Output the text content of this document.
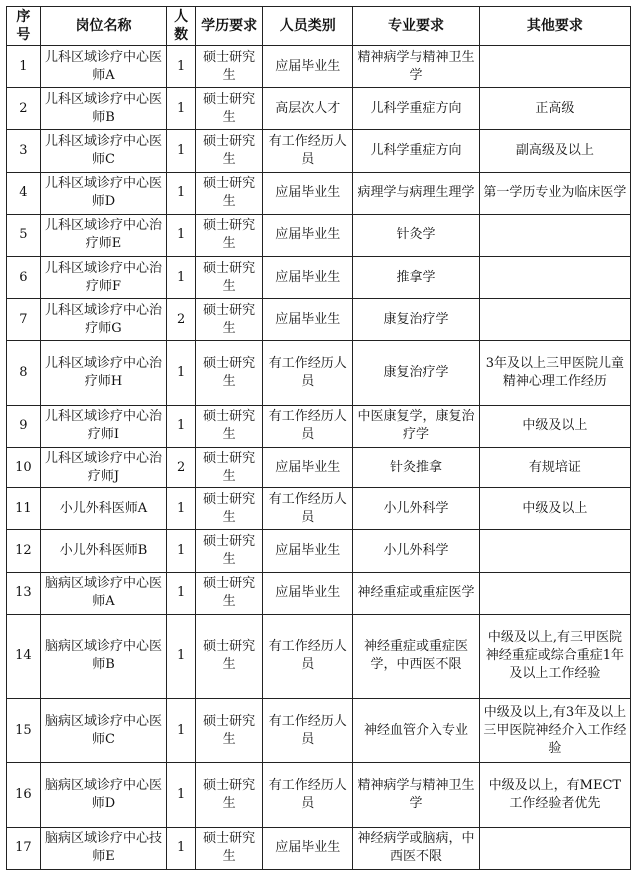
序号	岗位名称	人数	学历要求	人员类别	专业要求	其他要求
1	儿科区域诊疗中心医师A	1	硕士研究生	应届毕业生	精神病学与精神卫生学	
2	儿科区域诊疗中心医师B	1	硕士研究生	高层次人才	儿科学重症方向	正高级
3	儿科区域诊疗中心医师C	1	硕士研究生	有工作经历人员	儿科学重症方向	副高级及以上
4	儿科区域诊疗中心医师D	1	硕士研究生	应届毕业生	病理学与病理生理学	第一学历专业为临床医学
5	儿科区域诊疗中心治疗师E	1	硕士研究生	应届毕业生	针灸学	
6	儿科区域诊疗中心治疗师F	1	硕士研究生	应届毕业生	推拿学	
7	儿科区域诊疗中心治疗师G	2	硕士研究生	应届毕业生	康复治疗学	
8	儿科区域诊疗中心治疗师H	1	硕士研究生	有工作经历人员	康复治疗学	3年及以上三甲医院儿童精神心理工作经历
9	儿科区域诊疗中心治疗师I	1	硕士研究生	有工作经历人员	中医康复学，康复治疗学	中级及以上
10	儿科区域诊疗中心治疗师J	2	硕士研究生	应届毕业生	针灸推拿	有规培证
11	小儿外科医师A	1	硕士研究生	有工作经历人员	小儿外科学	中级及以上
12	小儿外科医师B	1	硕士研究生	应届毕业生	小儿外科学	
13	脑病区域诊疗中心医师A	1	硕士研究生	应届毕业生	神经重症或重症医学	
14	脑病区域诊疗中心医师B	1	硕士研究生	有工作经历人员	神经重症或重症医学，中西医不限	中级及以上,有三甲医院神经重症或综合重症1年及以上工作经验
15	脑病区域诊疗中心医师C	1	硕士研究生	有工作经历人员	神经血管介入专业	中级及以上,有3年及以上三甲医院神经介入工作经验
16	脑病区域诊疗中心医师D	1	硕士研究生	有工作经历人员	精神病学与精神卫生学	中级及以上，有MECT工作经验者优先
17	脑病区域诊疗中心技师E	1	硕士研究生	应届毕业生	神经病学或脑病，中西医不限	
